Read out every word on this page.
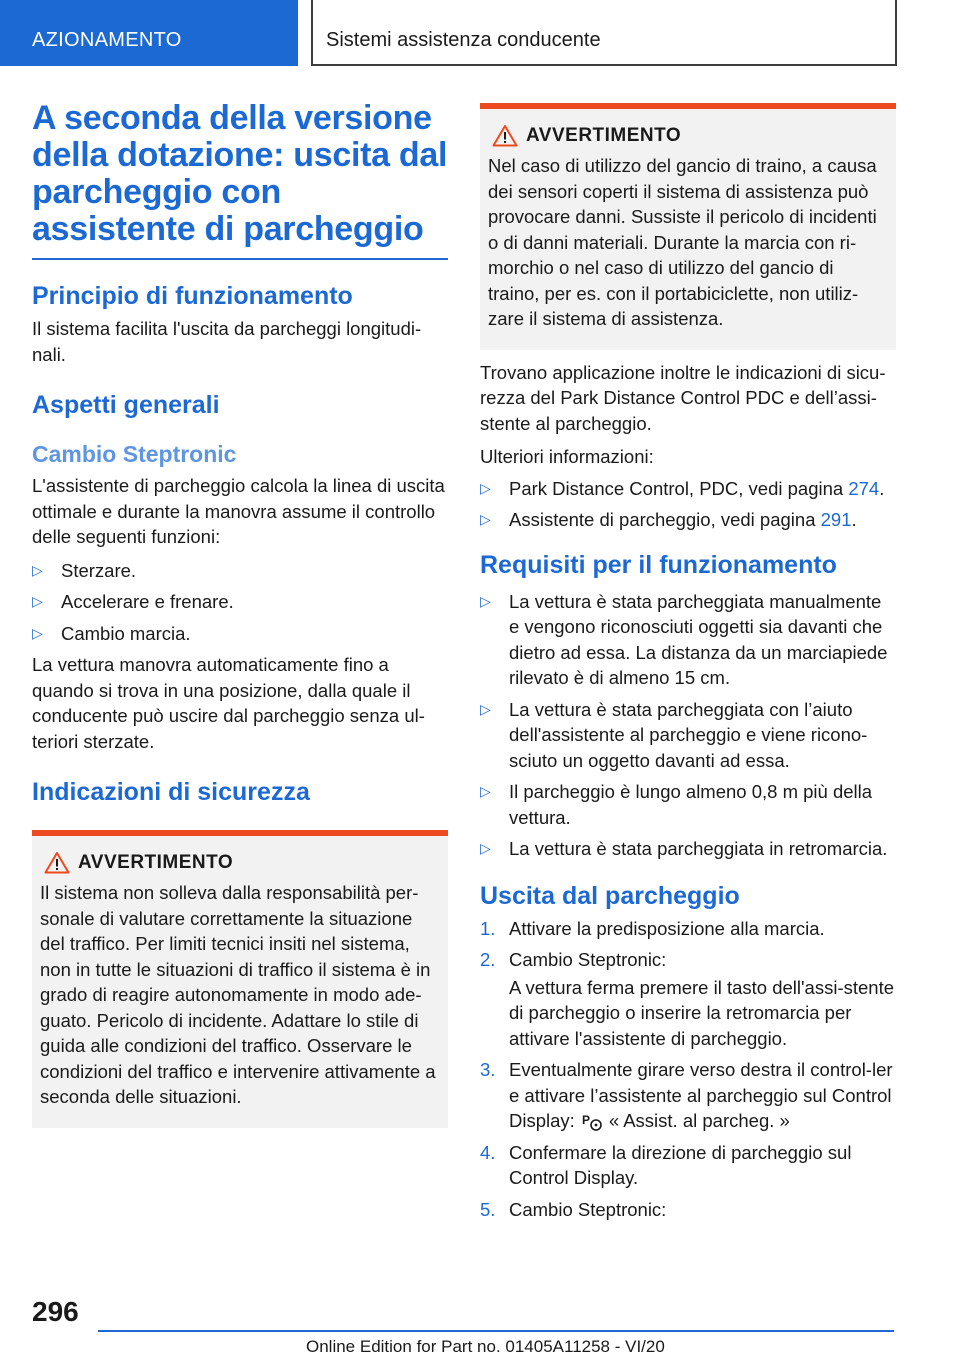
AZIONAMENTO	Sistemi assistenza conducente
A seconda della versione della dotazione: uscita dal parcheggio con assistente di parcheggio
Principio di funzionamento

Il sistema facilita l'uscita da parcheggi longitudi-nali.

Aspetti generali
Cambio Steptronic

L'assistente di parcheggio calcola la linea di uscita ottimale e durante la manovra assume il controllo delle seguenti funzioni:

▷ Sterzare.
▷ Accelerare e frenare.
▷ Cambio marcia.

La vettura manovra automaticamente fino a quando si trova in una posizione, dalla quale il conducente può uscire dal parcheggio senza ul-teriori sterzate.

Indicazioni di sicurezza
AVVERTIMENTO
Il sistema non solleva dalla responsabilità per-sonale di valutare correttamente la situazione del traffico. Per limiti tecnici insiti nel sistema, non in tutte le situazioni di traffico il sistema è in grado di reagire autonomamente in modo ade-guato. Pericolo di incidente. Adattare lo stile di guida alle condizioni del traffico. Osservare le condizioni del traffico e intervenire attivamente a seconda delle situazioni.
AVVERTIMENTO
Nel caso di utilizzo del gancio di traino, a causa dei sensori coperti il sistema di assistenza può provocare danni. Sussiste il pericolo di incidenti o di danni materiali. Durante la marcia con ri-morchio o nel caso di utilizzo del gancio di traino, per es. con il portabiciclette, non utiliz-zare il sistema di assistenza.

Trovano applicazione inoltre le indicazioni di sicu-rezza del Park Distance Control PDC e dell’assi-stente al parcheggio.

Ulteriori informazioni:

▷ Park Distance Control, PDC, vedi pagina 274.
▷ Assistente di parcheggio, vedi pagina 291.
Requisiti per il funzionamento
▷ La vettura è stata parcheggiata manualmente e vengono riconosciuti oggetti sia davanti che dietro ad essa. La distanza da un marciapiede rilevato è di almeno 15 cm.
▷ La vettura è stata parcheggiata con l’aiuto dell'assistente al parcheggio e viene ricono-sciuto un oggetto davanti ad essa.
▷ Il parcheggio è lungo almeno 0,8 m più della vettura.
▷ La vettura è stata parcheggiata in retromarcia.
Uscita dal parcheggio
1. Attivare la predisposizione alla marcia.
2. Cambio Steptronic:
A vettura ferma premere il tasto dell'assi-stente di parcheggio o inserire la retromarcia per attivare l'assistente di parcheggio.
3. Eventualmente girare verso destra il control-ler e attivare l’assistente al parcheggio sul Control Display: P « Assist. al parcheg. »
4. Confermare la direzione di parcheggio sul Control Display.
5. Cambio Steptronic:
296
Online Edition for Part no. 01405A11258 - VI/20
